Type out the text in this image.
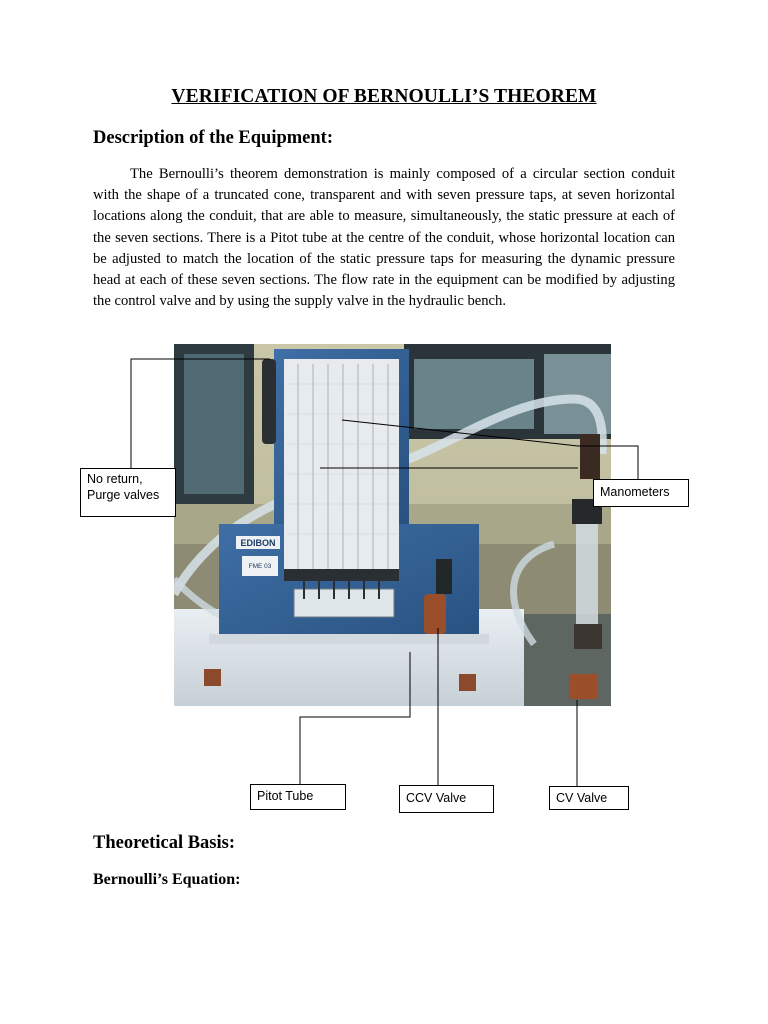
VERIFICATION OF BERNOULLI’S THEOREM
Description of the Equipment:
The Bernoulli’s theorem demonstration is mainly composed of a circular section conduit with the shape of a truncated cone, transparent and with seven pressure taps, at seven horizontal locations along the conduit, that are able to measure, simultaneously, the static pressure at each of the seven sections. There is a Pitot tube at the centre of the conduit, whose horizontal location can be adjusted to match the location of the static pressure taps for measuring the dynamic pressure head at each of these seven sections. The flow rate in the equipment can be modified by adjusting the control valve and by using the supply valve in the hydraulic bench.
EDIBON
FME 03
No return,
Purge valves	Manometers
Pitot Tube	CCV Valve	CV Valve
Theoretical Basis:
Bernoulli’s Equation:
